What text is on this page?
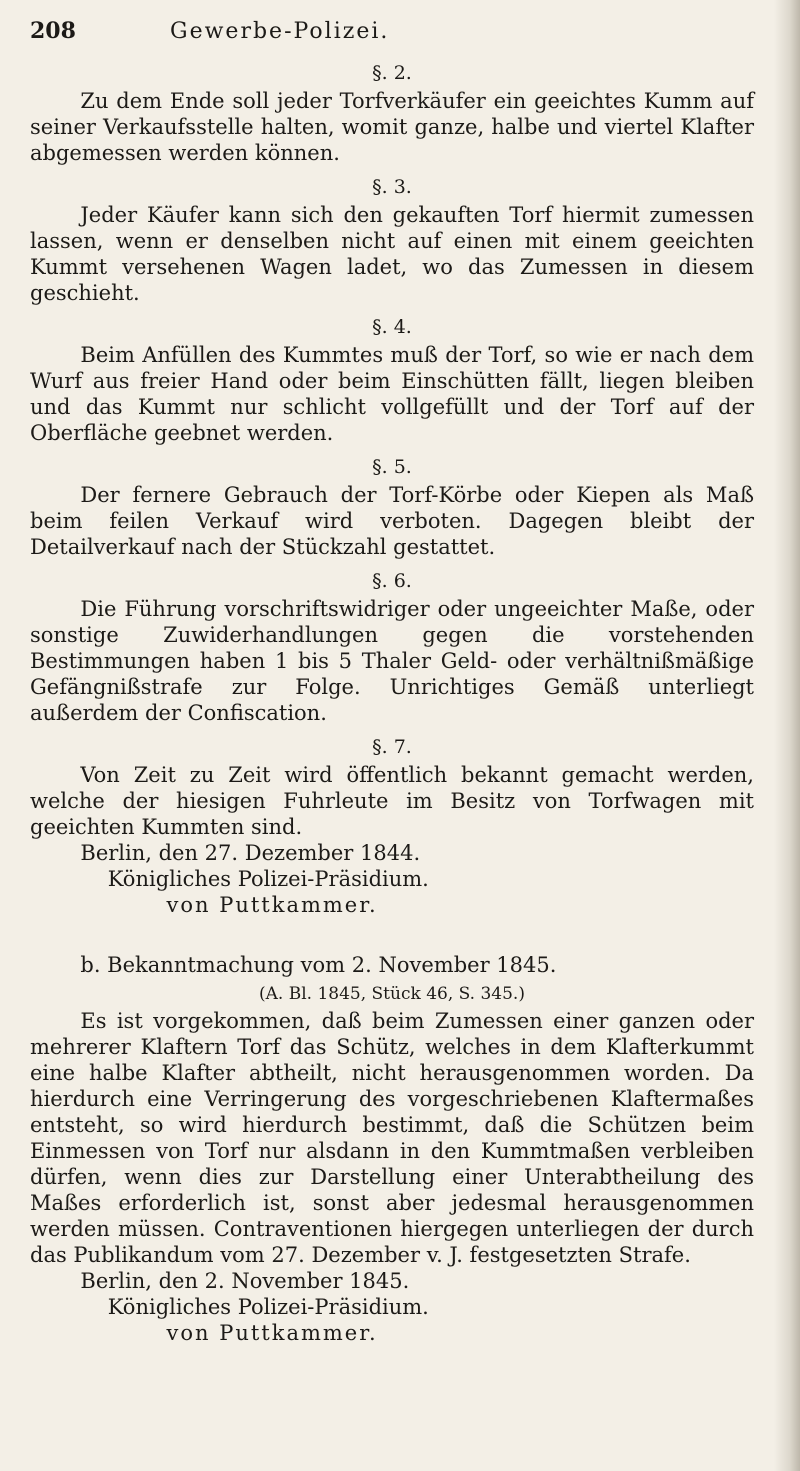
208	Gewerbe-Polizei.
§. 2.

Zu dem Ende soll jeder Torfverkäufer ein geeichtes Kumm auf seiner Verkaufsstelle halten, womit ganze, halbe und viertel Klafter abgemessen werden können.

§. 3.

Jeder Käufer kann sich den gekauften Torf hiermit zumessen lassen, wenn er denselben nicht auf einen mit einem geeichten Kummt versehenen Wagen ladet, wo das Zumessen in diesem geschieht.

§. 4.

Beim Anfüllen des Kummtes muß der Torf, so wie er nach dem Wurf aus freier Hand oder beim Einschütten fällt, liegen bleiben und das Kummt nur schlicht vollgefüllt und der Torf auf der Oberfläche geebnet werden.

§. 5.

Der fernere Gebrauch der Torf-Körbe oder Kiepen als Maß beim feilen Verkauf wird verboten. Dagegen bleibt der Detailverkauf nach der Stückzahl gestattet.

§. 6.

Die Führung vorschriftswidriger oder ungeeichter Maße, oder sonstige Zuwiderhandlungen gegen die vorstehenden Bestimmungen haben 1 bis 5 Thaler Geld- oder verhältnißmäßige Gefängnißstrafe zur Folge. Unrichtiges Gemäß unterliegt außerdem der Confiscation.

§. 7.

Von Zeit zu Zeit wird öffentlich bekannt gemacht werden, welche der hiesigen Fuhrleute im Besitz von Torfwagen mit geeichten Kummten sind.

Berlin, den 27. Dezember 1844.
Königliches Polizei-Präsidium.
von Puttkammer.
b. Bekanntmachung vom 2. November 1845.
(A. Bl. 1845, Stück 46, S. 345.)

Es ist vorgekommen, daß beim Zumessen einer ganzen oder mehrerer Klaftern Torf das Schütz, welches in dem Klafterkummt eine halbe Klafter abtheilt, nicht herausgenommen worden. Da hierdurch eine Verringerung des vorgeschriebenen Klaftermaßes entsteht, so wird hierdurch bestimmt, daß die Schützen beim Einmessen von Torf nur alsdann in den Kummtmaßen verbleiben dürfen, wenn dies zur Darstellung einer Unterabtheilung des Maßes erforderlich ist, sonst aber jedesmal herausgenommen werden müssen. Contraventionen hiergegen unterliegen der durch das Publikandum vom 27. Dezember v. J. festgesetzten Strafe.

Berlin, den 2. November 1845.
Königliches Polizei-Präsidium.
von Puttkammer.
